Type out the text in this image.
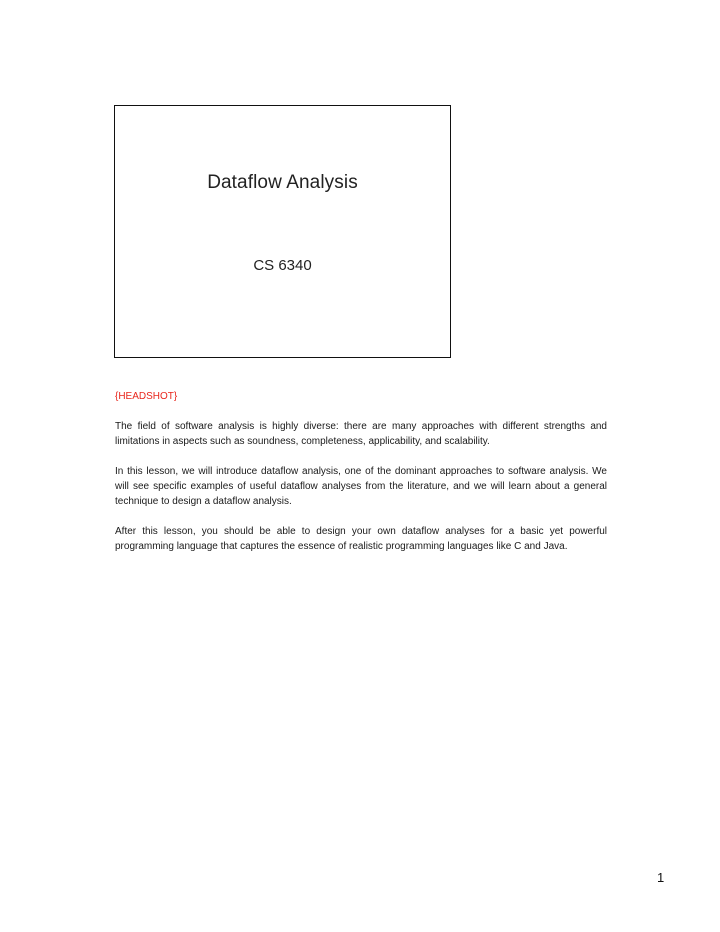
Dataflow Analysis
CS 6340
{HEADSHOT}

The field of software analysis is highly diverse: there are many approaches with different strengths and limitations in aspects such as soundness, completeness, applicability, and scalability.

In this lesson, we will introduce dataflow analysis, one of the dominant approaches to software analysis. We will see specific examples of useful dataflow analyses from the literature, and we will learn about a general technique to design a dataflow analysis.

After this lesson, you should be able to design your own dataflow analyses for a basic yet powerful programming language that captures the essence of realistic programming languages like C and Java.

1
